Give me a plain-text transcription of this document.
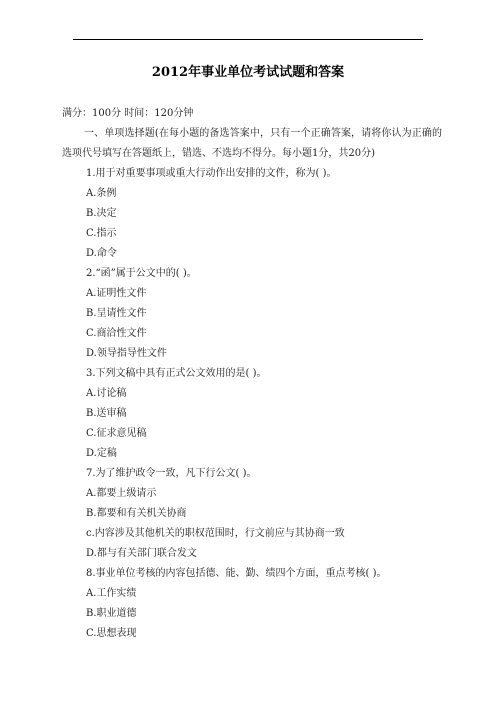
2012年事业单位考试试题和答案

满分：100分 时间：120分钟

一、单项选择题(在每小题的备选答案中，只有一个正确答案，请将你认为正确的选项代号填写在答题纸上，错选、不选均不得分。每小题1分，共20分)

1.用于对重要事项或重大行动作出安排的文件，称为( )。
A.条例
B.决定
C.指示
D.命令
2.“函”属于公文中的( )。
A.证明性文件
B.呈请性文件
C.商洽性文件
D.领导指导性文件
3.下列文稿中具有正式公文效用的是( )。
A.讨论稿
B.送审稿
C.征求意见稿
D.定稿
7.为了维护政令一致，凡下行公文( )。
A.都要上级请示
B.都要和有关机关协商
c.内容涉及其他机关的职权范围时，行文前应与其协商一致
D.都与有关部门联合发文
8.事业单位考核的内容包括德、能、勤、绩四个方面，重点考核( )。
A.工作实绩
B.职业道德
C.思想表现
